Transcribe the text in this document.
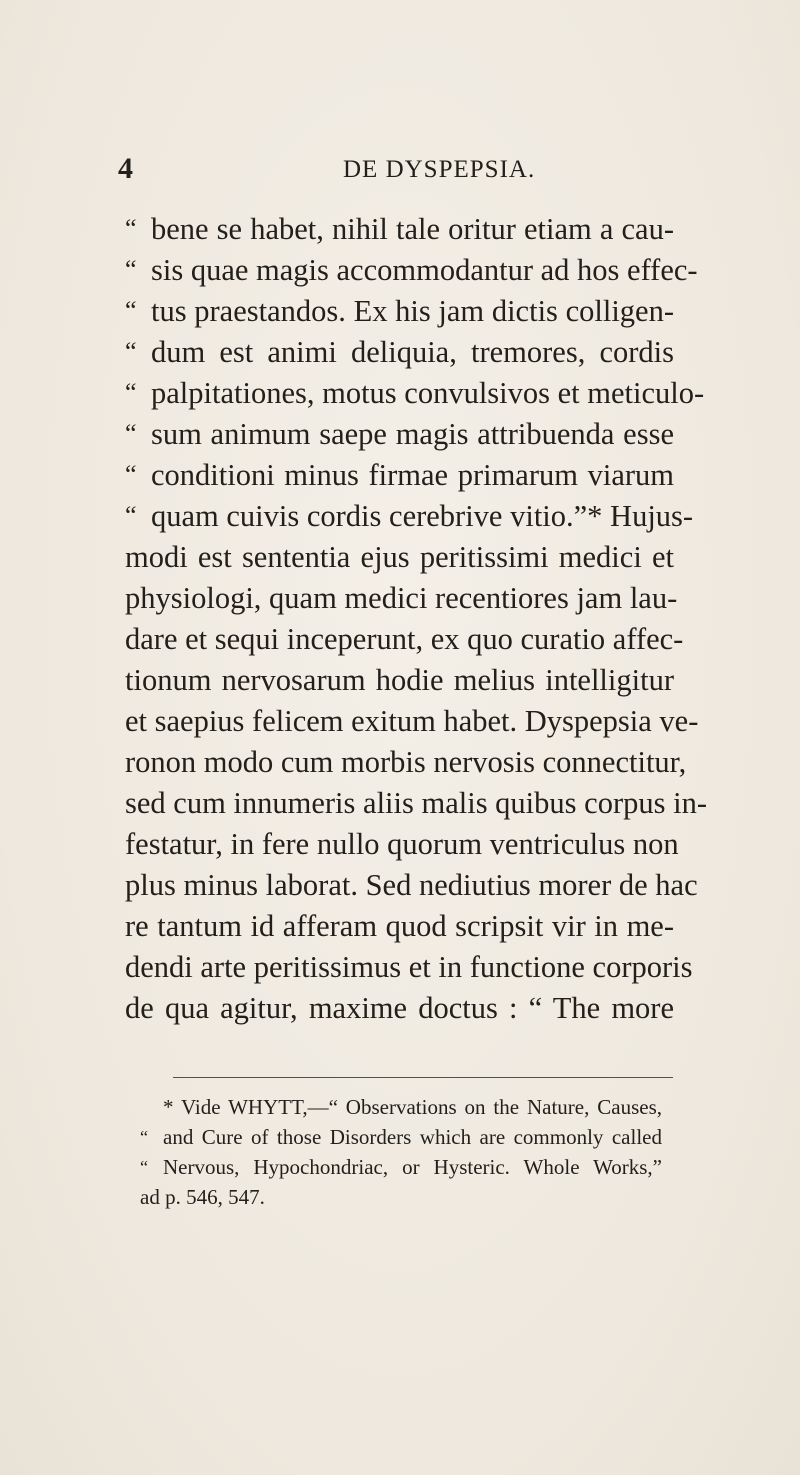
4	DE DYSPEPSIA.
“ bene se habet, nihil tale oritur etiam a cau-
“ sis quae magis accommodantur ad hos effec-
“ tus praestandos. Ex his jam dictis colligen-
“ dum est animi deliquia, tremores, cordis
“ palpitationes, motus convulsivos et meticulo-
“ sum animum saepe magis attribuenda esse
“ conditioni minus firmae primarum viarum
“ quam cuivis cordis cerebrive vitio.”* Hujus-
modi est sententia ejus peritissimi medici et
physiologi, quam medici recentiores jam lau-
dare et sequi inceperunt, ex quo curatio affec-
tionum nervosarum hodie melius intelligitur
et saepius felicem exitum habet. Dyspepsia ve-
ronon modo cum morbis nervosis connectitur,
sed cum innumeris aliis malis quibus corpus in-
festatur, in fere nullo quorum ventriculus non
plus minus laborat. Sed nediutius morer de hac
re tantum id afferam quod scripsit vir in me-
dendi arte peritissimus et in functione corporis
de qua agitur, maxime doctus : “ The more
* Vide WHYTT,—“ Observations on the Nature, Causes,
“ and Cure of those Disorders which are commonly called
“ Nervous, Hypochondriac, or Hysteric. Whole Works,”
ad p. 546, 547.
